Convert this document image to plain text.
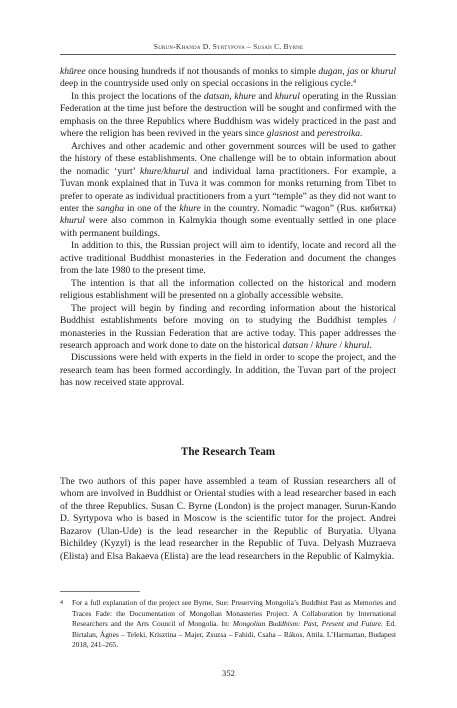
Surun-Khanda D. Syrtypova – Susan C. Byrne

khūree once housing hundreds if not thousands of monks to simple dugan, jas or khurul deep in the countryside used only on special occasions in the religious cycle.$^4$

In this project the locations of the datsan, khure and khurul operating in the Russian Federation at the time just before the destruction will be sought and confirmed with the emphasis on the three Republics where Buddhism was widely practiced in the past and where the religion has been revived in the years since glasnost and perestroika.

Archives and other academic and other government sources will be used to gather the history of these establishments. One challenge will be to obtain information about the nomadic ‘yurt’ khure/khurul and individual lama practitioners. For example, a Tuvan monk explained that in Tuva it was common for monks returning from Tibet to prefer to operate as individual practitioners from a yurt “temple” as they did not want to enter the sangha in one of the khure in the country. Nomadic “wagon” (Rus. кибитка) khurul were also common in Kalmykia though some eventually settled in one place with permanent buildings.

In addition to this, the Russian project will aim to identify, locate and record all the active traditional Buddhist monasteries in the Federation and document the changes from the late 1980 to the present time.

The intention is that all the information collected on the historical and modern religious establishment will be presented on a globally accessible website.

The project will begin by finding and recording information about the historical Buddhist establishments before moving on to studying the Buddhist temples / monasteries in the Russian Federation that are active today. This paper addresses the research approach and work done to date on the historical datsan / khure / khurul.

Discussions were held with experts in the field in order to scope the project, and the research team has been formed accordingly. In addition, the Tuvan part of the project has now received state approval.

The Research Team

The two authors of this paper have assembled a team of Russian researchers all of whom are involved in Buddhist or Oriental studies with a lead researcher based in each of the three Republics. Susan C. Byrne (London) is the project manager. Surun-Kando D. Syrtypova who is based in Moscow is the scientific tutor for the project. Andrei Bazarov (Ulan-Ude) is the lead researcher in the Republic of Buryatia. Ulyana Bichildey (Kyzyl) is the lead researcher in the Republic of Tuva. Delyash Muzraeva (Elista) and Elsa Bakaeva (Elista) are the lead researchers in the Republic of Kalmykia.

4	For a full explanation of the project see Byrne, Sue: Preserving Mongolia’s Buddhist Past as Memories and Traces Fade: the Documentation of Mongolian Monasteries Project. A Collaboration by International Researchers and the Arts Council of Mongolia. In: Mongolian Buddhism: Past, Present and Future. Ed. Birtalan, Ágnes – Teleki, Krisztina – Majer, Zsuzsa – Fahidi, Csaba – Rákos, Attila. L’Harmattan, Budapest 2018, 241–265.
352
